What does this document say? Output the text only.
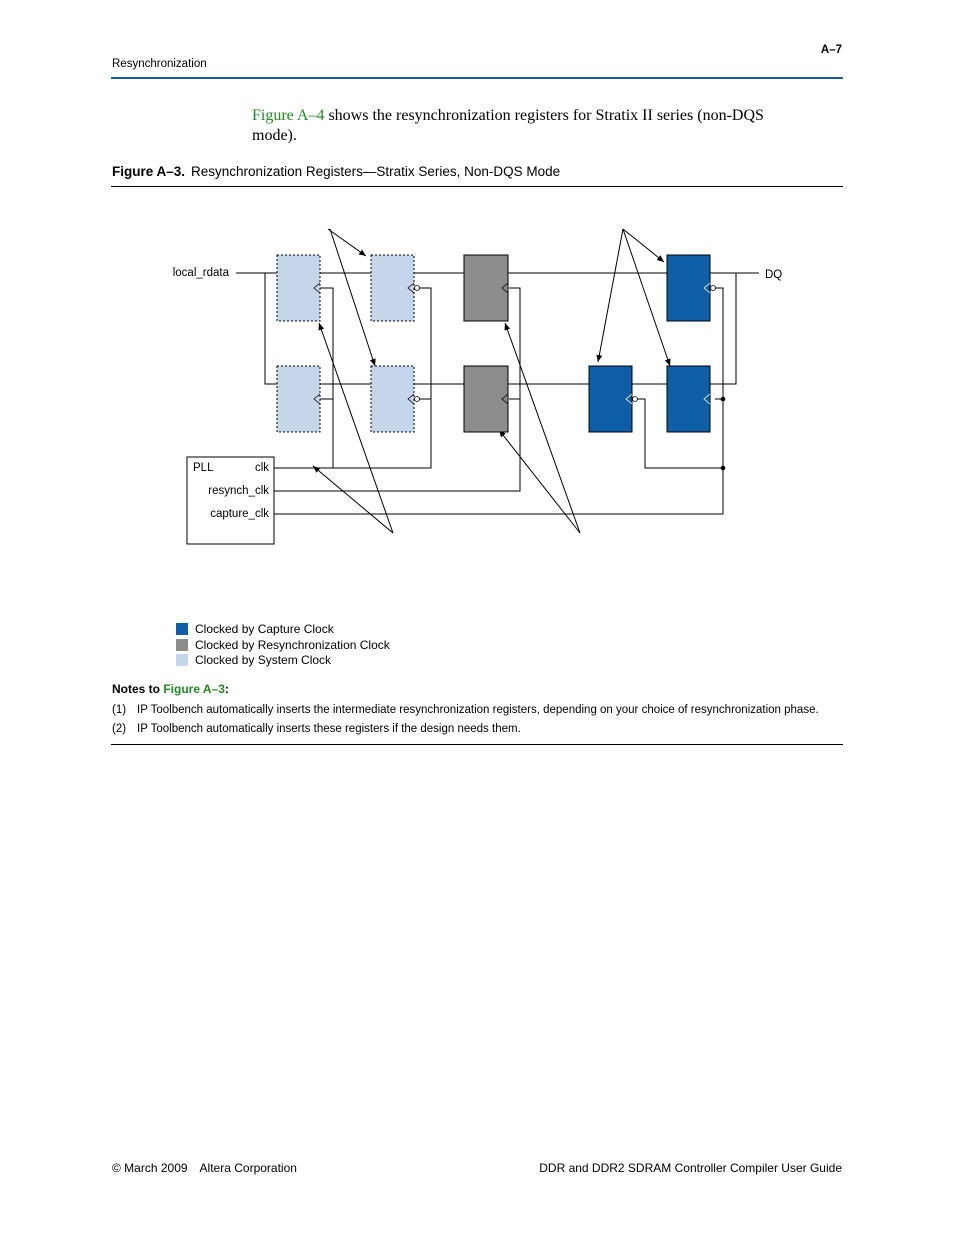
Resynchronization
A–7
Figure A–4 shows the resynchronization registers for Stratix II series (non-DQS mode).
Figure A–3. Resynchronization Registers—Stratix Series, Non-DQS Mode
PLL	clk
resynch_clk
capture_clk
local_rdata	DQ
Clocked by Capture Clock
Clocked by Resynchronization Clock
Clocked by System Clock
Notes to Figure A–3:
(1) IP Toolbench automatically inserts the intermediate resynchronization registers, depending on your choice of resynchronization phase.
(2) IP Toolbench automatically inserts these registers if the design needs them.
© March 2009 Altera Corporation	DDR and DDR2 SDRAM Controller Compiler User Guide
